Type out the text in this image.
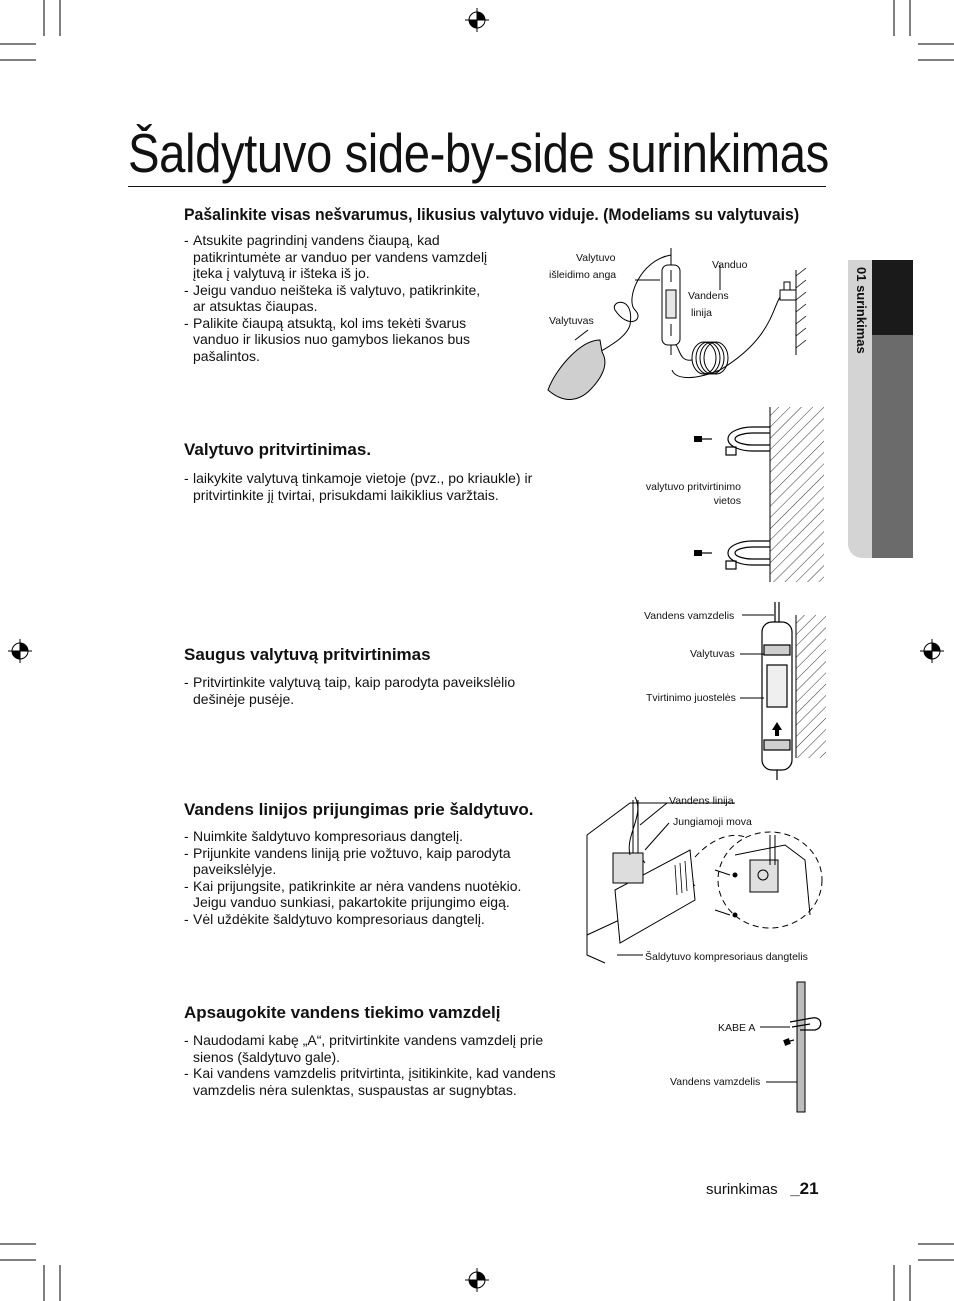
Šaldytuvo side-by-side surinkimas
01 surinkimas
Pašalinkite visas nešvarumus, likusius valytuvo viduje. (Modeliams su valytuvais)
- Atsukite pagrindinį vandens čiaupą, kad
patikrintumėte ar vanduo per vandens vamzdelį
įteka į valytuvą ir išteka iš jo.
- Jeigu vanduo neišteka iš valytuvo, patikrinkite,
ar atsuktas čiaupas.
- Palikite čiaupą atsuktą, kol ims tekėti švarus
vanduo ir likusios nuo gamybos liekanos bus
pašalintos.
Valytuvo
išleidimo anga
Valytuvas
Vanduo
Vandens
linija
Valytuvo pritvirtinimas.
- laikykite valytuvą tinkamoje vietoje (pvz., po kriaukle) ir
pritvirtinkite jį tvirtai, prisukdami laikiklius varžtais.	valytuvo pritvirtinimo
vietos
Saugus valytuvą pritvirtinimas
- Pritvirtinkite valytuvą taip, kaip parodyta paveikslėlio
dešinėje pusėje.
Vandens vamzdelis
Valytuvas
Tvirtinimo juostelės
Vandens linijos prijungimas prie šaldytuvo.
- Nuimkite šaldytuvo kompresoriaus dangtelį.
- Prijunkite vandens liniją prie vožtuvo, kaip parodyta
paveikslėlyje.
- Kai prijungsite, patikrinkite ar nėra vandens nuotėkio.
Jeigu vanduo sunkiasi, pakartokite prijungimo eigą.
- Vėl uždėkite šaldytuvo kompresoriaus dangtelį.
Vandens linija
Jungiamoji mova
Šaldytuvo kompresoriaus dangtelis
Apsaugokite vandens tiekimo vamzdelį
- Naudodami kabę „A“, pritvirtinkite vandens vamzdelį prie
sienos (šaldytuvo gale).
- Kai vandens vamzdelis pritvirtinta, įsitikinkite, kad vandens
vamzdelis nėra sulenktas, suspaustas ar sugnybtas.
KABE A
Vandens vamzdelis
surinkimas _21
